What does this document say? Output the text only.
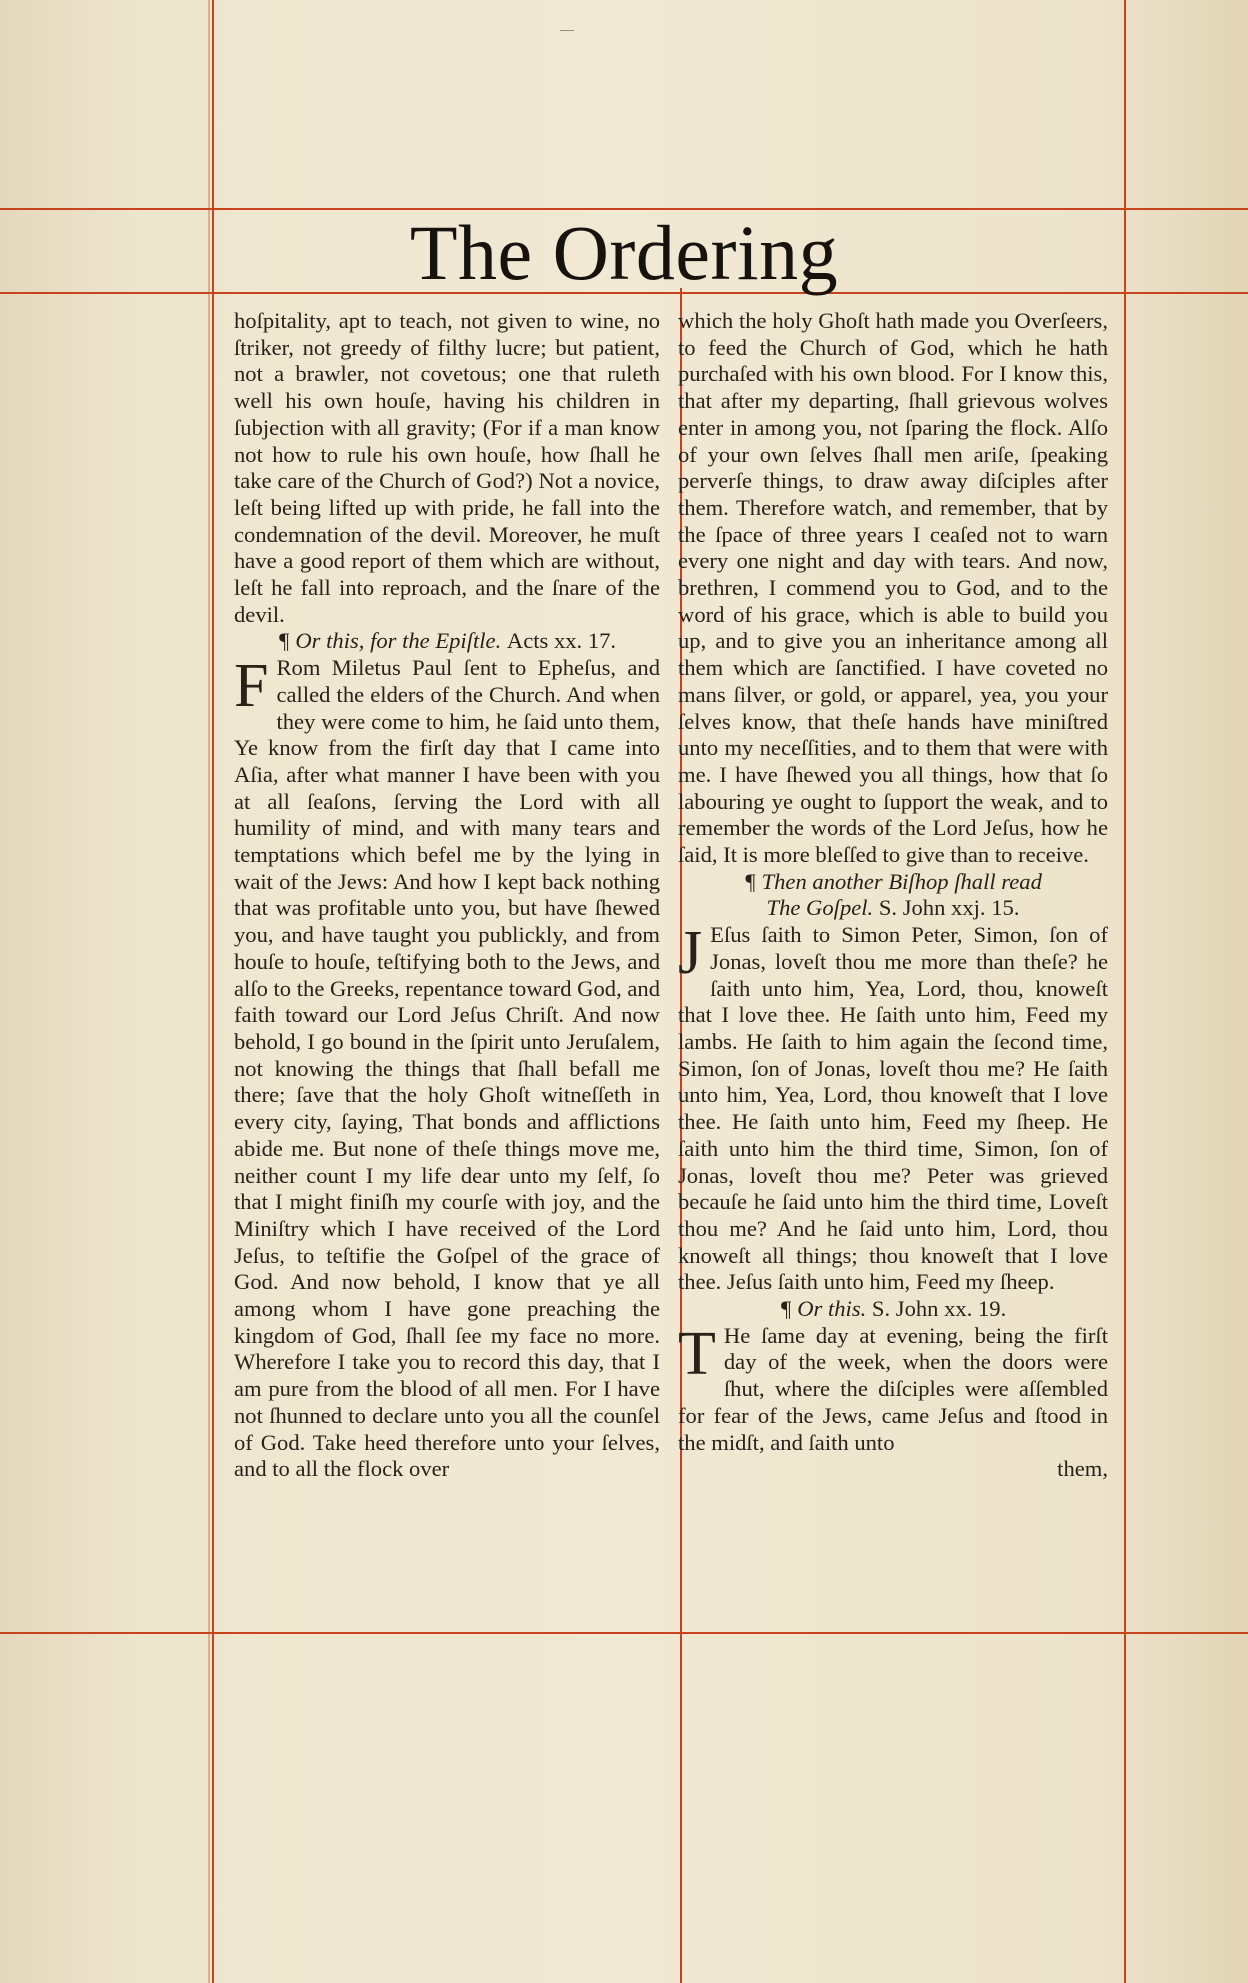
The Ordering

hoſpitality, apt to teach, not given to wine, no ſtriker, not greedy of filthy lucre; but patient, not a brawler, not covetous; one that ruleth well his own houſe, having his children in ſubjection with all gravity; (For if a man know not how to rule his own houſe, how ſhall he take care of the Church of God?) Not a novice, leſt being lifted up with pride, he fall into the condemnation of the devil. Moreover, he muſt have a good report of them which are without, leſt he fall into reproach, and the ſnare of the devil.

¶ Or this, for the Epiſtle. Acts xx. 17.

F Rom Miletus Paul ſent to Epheſus, and called the elders of the Church. And when they were come to him, he ſaid unto them, Ye know from the firſt day that I came into Aſia, after what manner I have been with you at all ſeaſons, ſerving the Lord with all humility of mind, and with many tears and temptations which befel me by the lying in wait of the Jews: And how I kept back nothing that was profitable unto you, but have ſhewed you, and have taught you publickly, and from houſe to houſe, teſtifying both to the Jews, and alſo to the Greeks, repentance toward God, and faith toward our Lord Jeſus Chriſt. And now behold, I go bound in the ſpirit unto Jeruſalem, not knowing the things that ſhall befall me there; ſave that the holy Ghoſt witneſſeth in every city, ſaying, That bonds and afflictions abide me. But none of theſe things move me, neither count I my life dear unto my ſelf, ſo that I might finiſh my courſe with joy, and the Miniſtry which I have received of the Lord Jeſus, to teſtifie the Goſpel of the grace of God. And now behold, I know that ye all among whom I have gone preaching the kingdom of God, ſhall ſee my face no more. Wherefore I take you to record this day, that I am pure from the blood of all men. For I have not ſhunned to declare unto you all the counſel of God. Take heed therefore unto your ſelves, and to all the flock over

which the holy Ghoſt hath made you Overſeers, to feed the Church of God, which he hath purchaſed with his own blood. For I know this, that after my departing, ſhall grievous wolves enter in among you, not ſparing the flock. Alſo of your own ſelves ſhall men ariſe, ſpeaking perverſe things, to draw away diſciples after them. Therefore watch, and remember, that by the ſpace of three years I ceaſed not to warn every one night and day with tears. And now, brethren, I commend you to God, and to the word of his grace, which is able to build you up, and to give you an inheritance among all them which are ſanctified. I have coveted no mans ſilver, or gold, or apparel, yea, you your ſelves know, that theſe hands have miniſtred unto my neceſſities, and to them that were with me. I have ſhewed you all things, how that ſo labouring ye ought to ſupport the weak, and to remember the words of the Lord Jeſus, how he ſaid, It is more bleſſed to give than to receive.

¶ Then another Biſhop ſhall read

The Goſpel. S. John xxj. 15.

J Eſus ſaith to Simon Peter, Simon, ſon of Jonas, loveſt thou me more than theſe? he ſaith unto him, Yea, Lord, thou, knoweſt that I love thee. He ſaith unto him, Feed my lambs. He ſaith to him again the ſecond time, Simon, ſon of Jonas, loveſt thou me? He ſaith unto him, Yea, Lord, thou knoweſt that I love thee. He ſaith unto him, Feed my ſheep. He ſaith unto him the third time, Simon, ſon of Jonas, loveſt thou me? Peter was grieved becauſe he ſaid unto him the third time, Loveſt thou me? And he ſaid unto him, Lord, thou knoweſt all things; thou knoweſt that I love thee. Jeſus ſaith unto him, Feed my ſheep.

¶ Or this. S. John xx. 19.

T He ſame day at evening, being the firſt day of the week, when the doors were ſhut, where the diſciples were aſſembled for fear of the Jews, came Jeſus and ſtood in the midſt, and ſaith unto

them,
